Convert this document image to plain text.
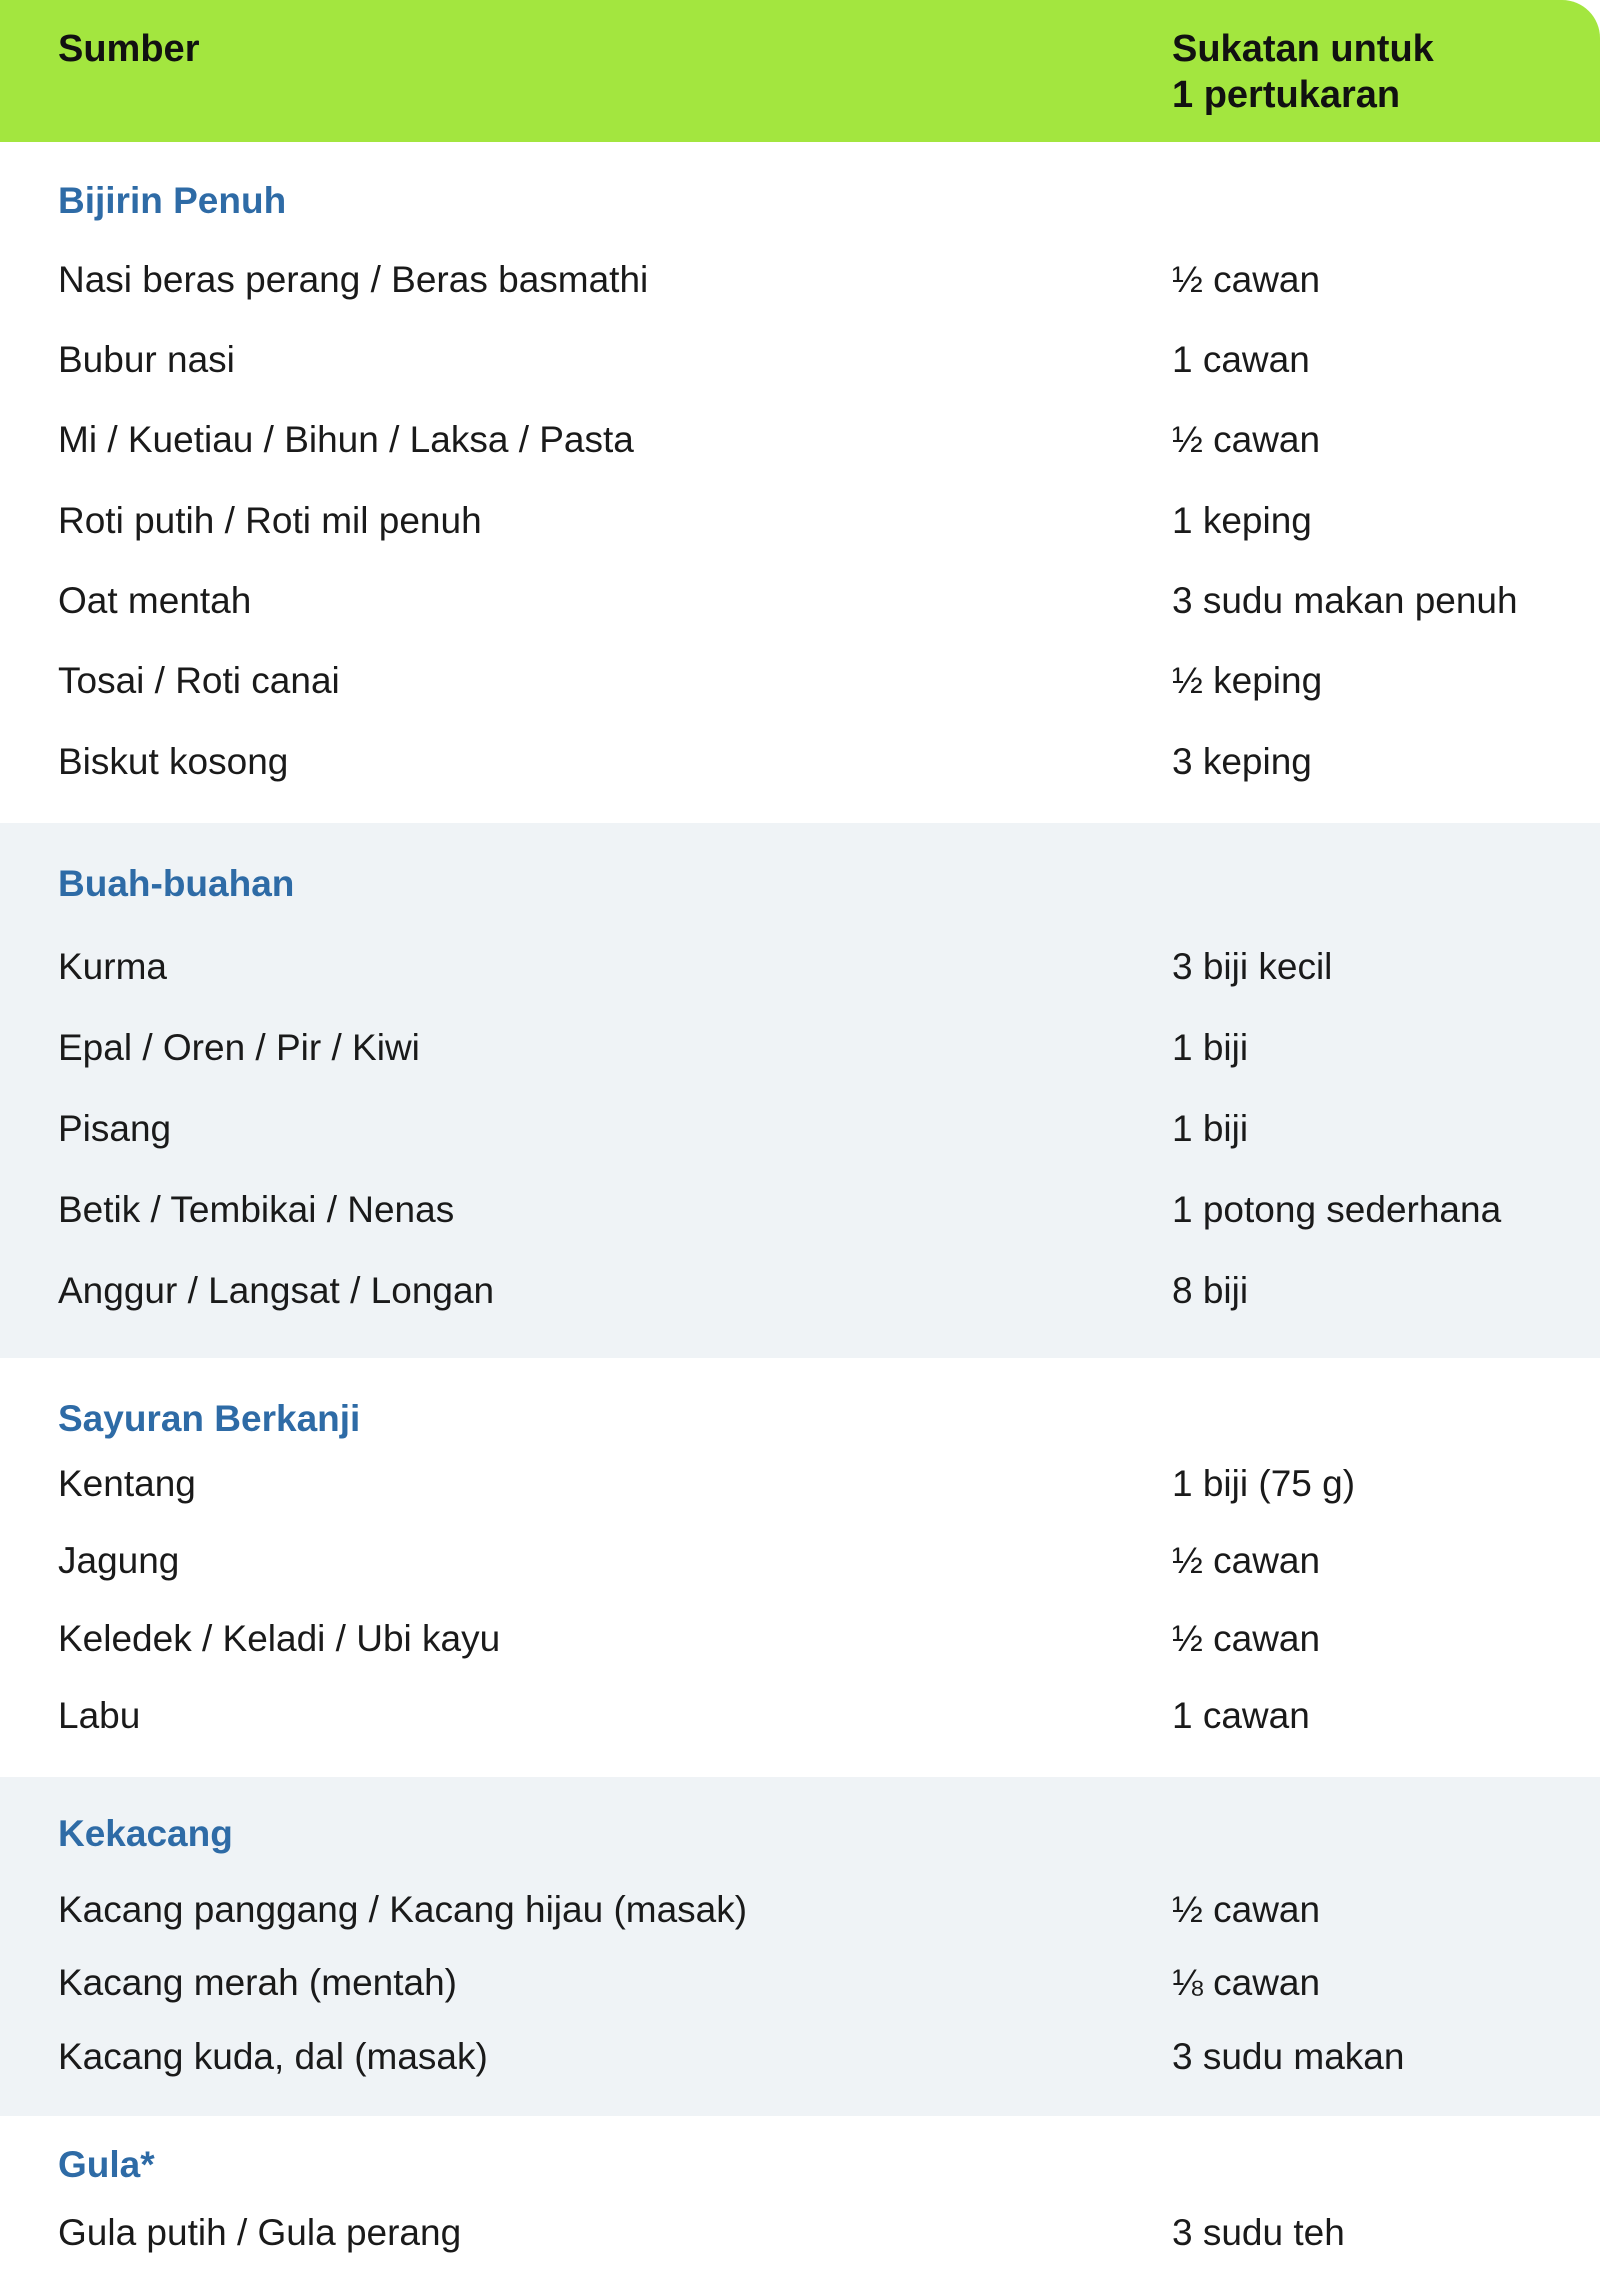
Sumber	Sukatan untuk
1 pertukaran
Bijirin Penuh
Nasi beras perang / Beras basmathi	½ cawan
Bubur nasi	1 cawan
Mi / Kuetiau / Bihun / Laksa / Pasta	½ cawan
Roti putih / Roti mil penuh	1 keping
Oat mentah	3 sudu makan penuh
Tosai / Roti canai	½ keping
Biskut kosong	3 keping
Buah-buahan
Kurma	3 biji kecil
Epal / Oren / Pir / Kiwi	1 biji
Pisang	1 biji
Betik / Tembikai / Nenas	1 potong sederhana
Anggur / Langsat / Longan	8 biji
Sayuran Berkanji
Kentang	1 biji (75 g)
Jagung	½ cawan
Keledek / Keladi / Ubi kayu	½ cawan
Labu	1 cawan
Kekacang
Kacang panggang / Kacang hijau (masak)	½ cawan
Kacang merah (mentah)	⅛ cawan
Kacang kuda, dal (masak)	3 sudu makan
Gula*
Gula putih / Gula perang	3 sudu teh
